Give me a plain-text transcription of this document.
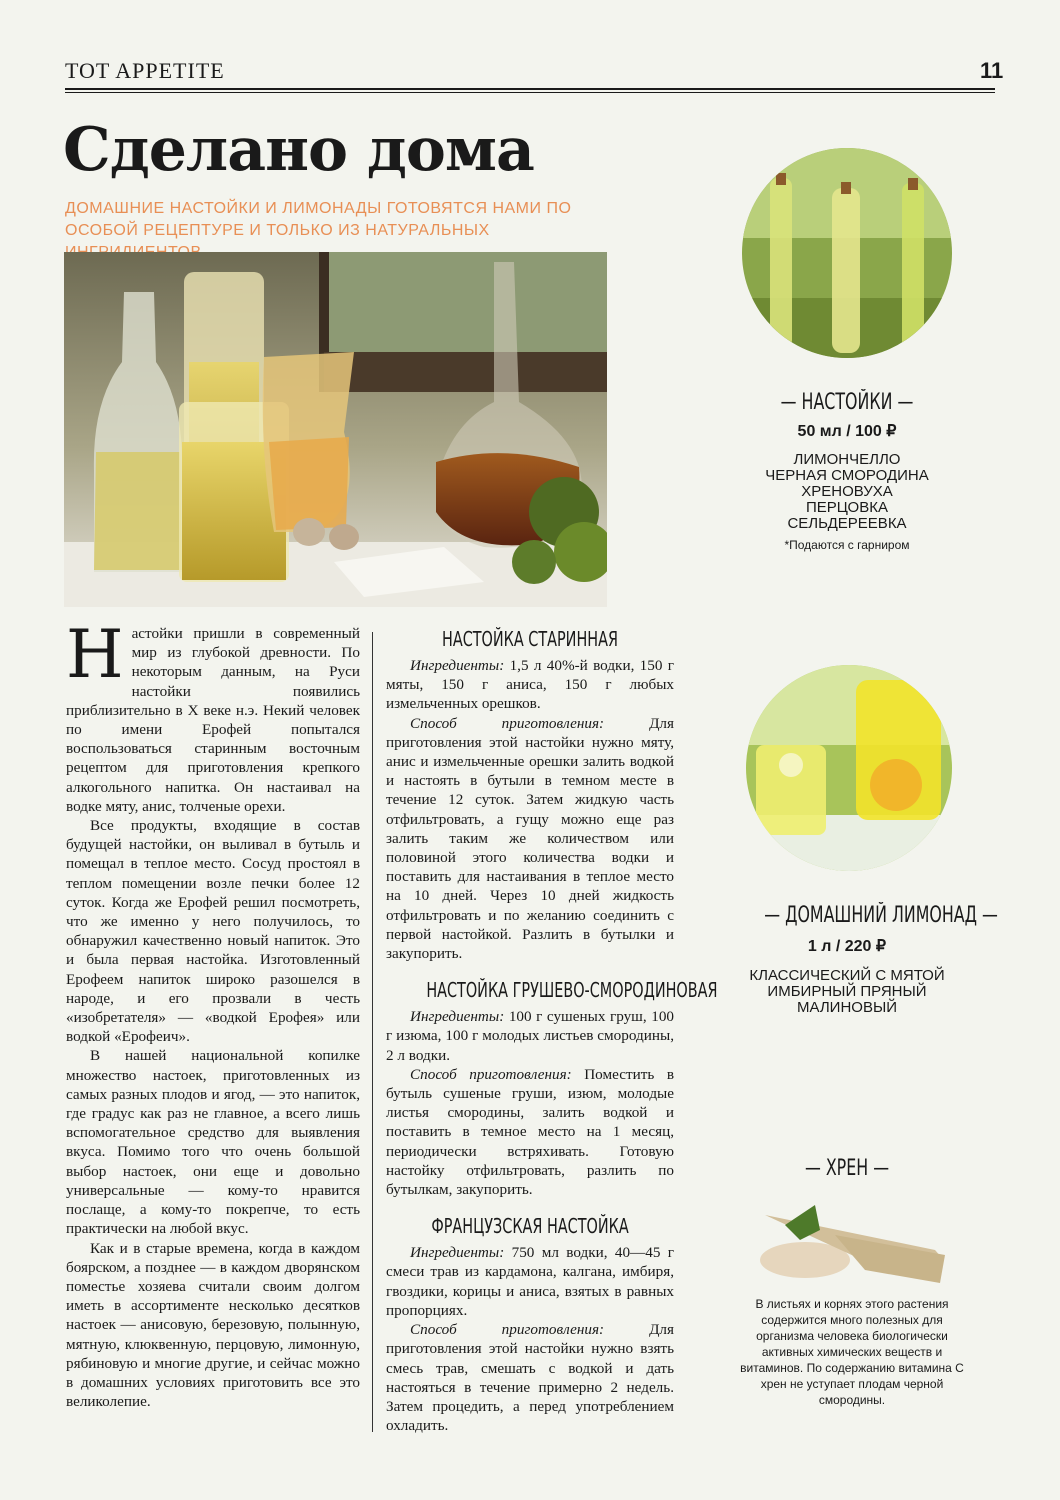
TOT APPETITE	11
Сделано дома
ДОМАШНИЕ НАСТОЙКИ И ЛИМОНАДЫ ГОТОВЯТСЯ НАМИ ПО ОСОБОЙ РЕЦЕПТУРЕ И ТОЛЬКО ИЗ НАТУРАЛЬНЫХ

Настойки пришли в современный мир из глубокой древности. По некоторым данным, на Руси настойки появились приблизительно в X веке н.э. Некий человек по имени Ерофей попытался воспользоваться старинным восточным рецептом для приготовления крепкого алкогольного напитка. Он настаивал на водке мяту, анис, толченые орехи.

Все продукты, входящие в состав будущей настойки, он выливал в бутыль и помещал в теплое место. Сосуд простоял в теплом помещении возле печки более 12 суток. Когда же Ерофей решил посмотреть, что же именно у него получилось, то обнаружил качественно новый напиток. Это и была первая настойка. Изготовленный Ерофеем напиток широко разошелся в народе, и его прозвали в честь «изобретателя» — «водкой Ерофея» или водкой «Ерофеич».

В нашей национальной копилке множество настоек, приготовленных из самых разных плодов и ягод, — это напиток, где градус как раз не главное, а всего лишь вспомогательное средство для выявления вкуса. Помимо того что очень большой выбор настоек, они еще и довольно универсальные — кому-то нравится послаще, а кому-то покрепче, то есть практически на любой вкус.

Как и в старые времена, когда в каждом боярском, а позднее — в каждом дворянском поместье хозяева считали своим долгом иметь в ассортименте несколько десятков настоек — анисовую, березовую, полынную, мятную, клюквенную, перцовую, лимонную, рябиновую и многие другие, и сейчас можно в домашних условиях приготовить все это великолепие.

НАСТОЙКА СТАРИННАЯ

Ингредиенты: 1,5 л 40%-й водки, 150 г мяты, 150 г аниса, 150 г любых измельченных орешков.

Способ приготовления:	Для приготовления этой настойки нужно мяту, анис и измельченные орешки залить водкой и настоять в бутыли в темном месте в течение 12 суток. Затем жидкую часть отфильтровать, а гущу можно еще раз залить таким же количеством или половиной этого количества водки и поставить для настаивания в теплое место на 10 дней. Через 10 дней жидкость отфильтровать и по желанию соединить с первой настойкой. Разлить в бутылки и закупорить.

НАСТОЙКА ГРУШЕВО-СМОРОДИНОВАЯ

Ингредиенты: 100 г сушеных груш, 100 г изюма, 100 г молодых листьев смородины, 2 л водки.

Способ приготовления: Поместить в бутыль сушеные груши, изюм, молодые листья смородины, залить водкой и поставить в темное место на 1 месяц, периодически встряхивать. Готовую настойку отфильтровать, разлить по бутылкам, закупорить.

ФРАНЦУЗСКАЯ НАСТОЙКА

Ингредиенты: 750 мл водки, 40—45 г смеси трав из кардамона, калгана, имбиря, гвоздики, корицы и аниса, взятых в равных пропорциях.

Способ приготовления:	Для приготовления этой настойки нужно взять смесь трав, смешать с водкой и дать настояться в течение примерно 2 недель. Затем процедить, а перед употреблением охладить.

— НАСТОЙКИ —
50 мл / 100 ₽
ЛИМОНЧЕЛЛО
ЧЕРНАЯ СМОРОДИНА
ХРЕНОВУХА
ПЕРЦОВКА
СЕЛЬДЕРЕЕВКА
*Подаются с гарниром
— ДОМАШНИЙ ЛИМОНАД —
1 л / 220 ₽
КЛАССИЧЕСКИЙ С МЯТОЙ
ИМБИРНЫЙ ПРЯНЫЙ
МАЛИНОВЫЙ
— ХРЕН —
В листьях и корнях этого растения содержится много полезных для организма человека биологически активных химических веществ и витаминов. По содержанию витамина С хрен не уступает плодам черной смородины.
